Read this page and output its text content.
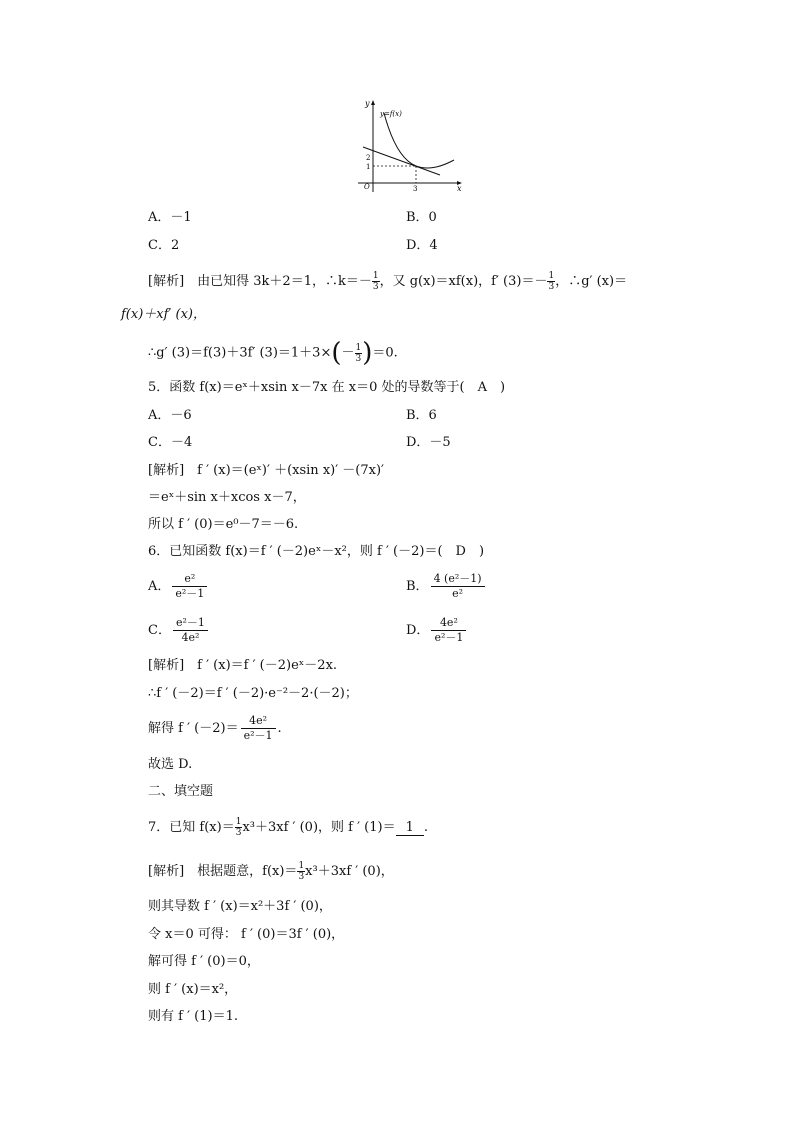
y
y=f(x)
2
1
O	3	x
A．－1	B．0
C．2	D．4
[解析]　由已知得 3k＋2＝1，∴k＝－ $\frac{1}{3}$ ，又 g(x)＝xf(x)，f′ $(3)=- \frac{1}{3}$ ，∴g′ (x)＝
f(x)＋xf′ (x)，
∴g′ (3)＝f(3)＋3f′ $(3)=1+3\times(- \frac{1}{3} )=0$.
5．函数 f(x)＝eˣ＋xsin x－7x 在 x＝0 处的导数等于(　A　)
A．－6	B．6
C．－4	D．－5
[解析]　f ′ (x)＝(eˣ)′ ＋(xsin x)′ －(7x)′
＝eˣ＋sin x＋xcos x－7，
所以 f ′ (0)＝e⁰－7＝－6.
6．已知函数 f(x)＝f ′ (－2)eˣ－x²，则 f ′ (－2)＝(　D　)
A． $\frac{\text{e²}}{\text{e²－1}}$	B． $\frac{\text{4 (e²－1)}}{\text{e²}}$
C． $\frac{\text{e²－1}}{\text{4e²}}$	D． $\frac{\text{4e²}}{\text{e²－1}}$
[解析]　f ′ (x)＝f ′ (－2)eˣ－2x.
∴f ′ (－2)＝f ′ (－2)·e⁻²－2·(－2)；
解得 f ′ $(-2)= \frac{\text{4e²}}{\text{e²－1}}$ .
故选 D.
二、填空题
7．已知 $f(x)= \frac{1}{3} x^3+3xf$ ′ (0)，则 f ′ (1)＝ 1 .
[解析]　根据题意，$f(x)= \frac{1}{3} x^3+3xf$ ′ (0)，
则其导数 f ′ (x)＝x²＋3f ′ (0)，
令 x＝0 可得： f ′ (0)＝3f ′ (0)，
解可得 f ′ (0)＝0，
则 f ′ (x)＝x²，
则有 f ′ (1)＝1.
